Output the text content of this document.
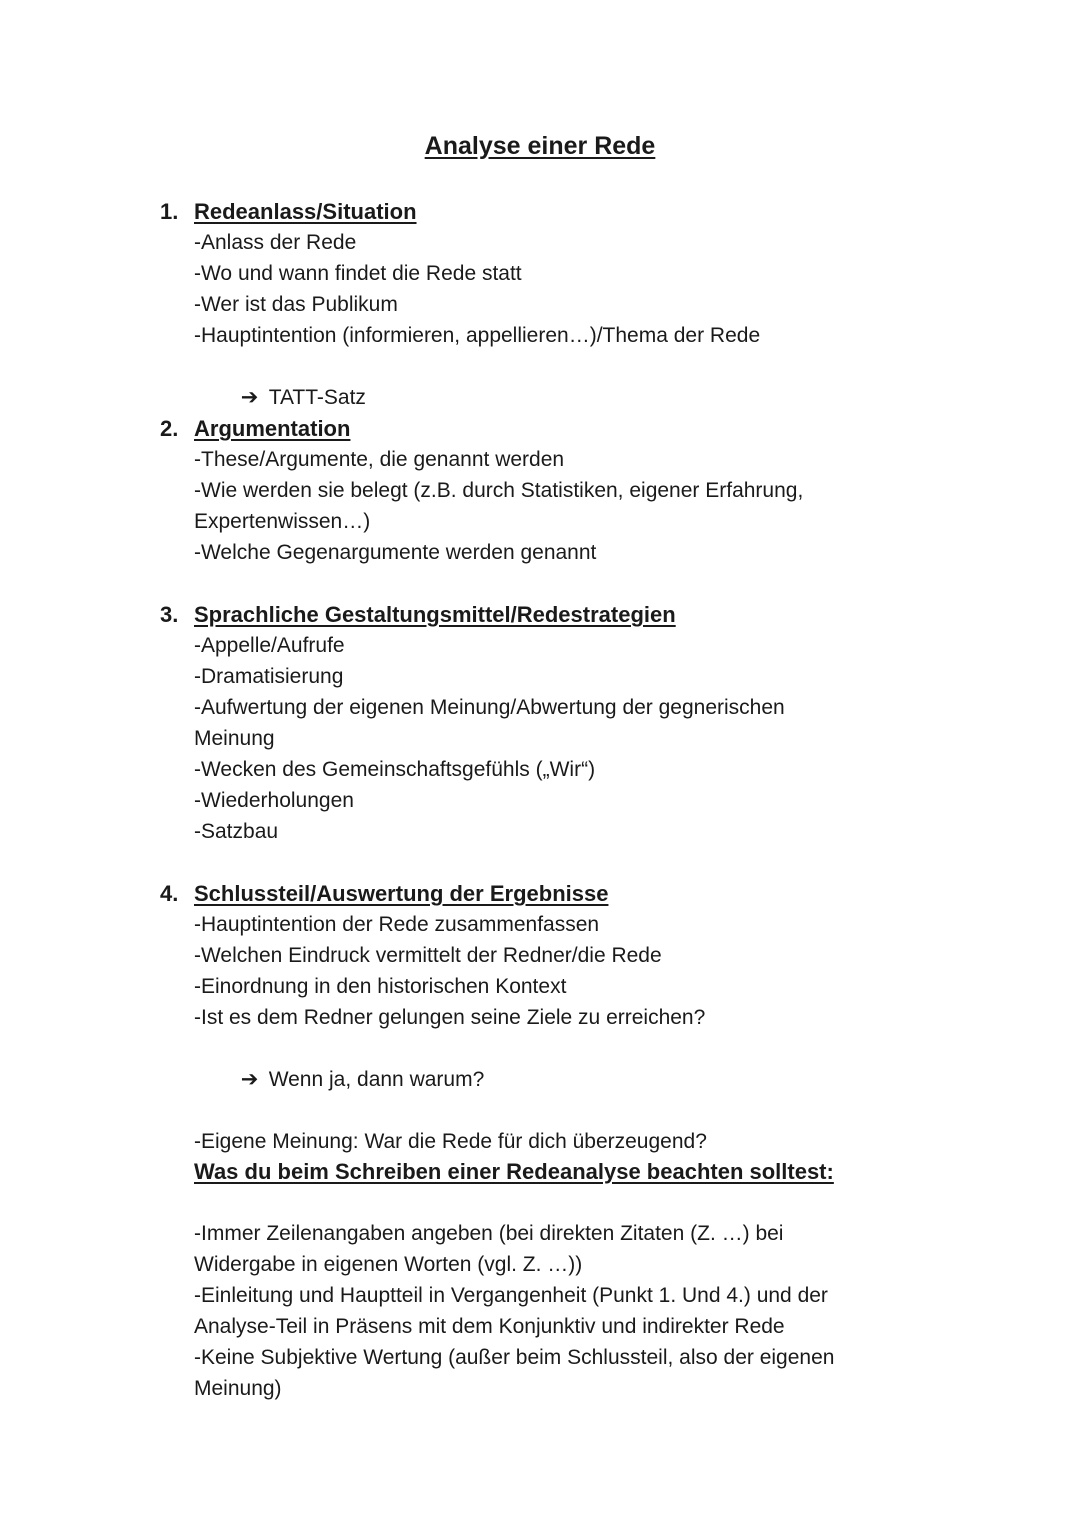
Analyse einer Rede
1. Redeanlass/Situation
-Anlass der Rede
-Wo und wann findet die Rede statt
-Wer ist das Publikum
-Hauptintention (informieren, appellieren…)/Thema der Rede

➔ TATT-Satz

2. Argumentation
-These/Argumente, die genannt werden
-Wie werden sie belegt (z.B. durch Statistiken, eigener Erfahrung,
Expertenwissen…)
-Welche Gegenargumente werden genannt
3. Sprachliche Gestaltungsmittel/Redestrategien
-Appelle/Aufrufe
-Dramatisierung
-Aufwertung der eigenen Meinung/Abwertung der gegnerischen
Meinung
-Wecken des Gemeinschaftsgefühls („Wir“)
-Wiederholungen
-Satzbau
4. Schlussteil/Auswertung der Ergebnisse
-Hauptintention der Rede zusammenfassen
-Welchen Eindruck vermittelt der Redner/die Rede
-Einordnung in den historischen Kontext
-Ist es dem Redner gelungen seine Ziele zu erreichen?

➔ Wenn ja, dann warum?

-Eigene Meinung: War die Rede für dich überzeugend?
Was du beim Schreiben einer Redeanalyse beachten solltest:
-Immer Zeilenangaben angeben (bei direkten Zitaten (Z. …) bei
Widergabe in eigenen Worten (vgl. Z. …))
-Einleitung und Hauptteil in Vergangenheit (Punkt 1. Und 4.) und der
Analyse-Teil in Präsens mit dem Konjunktiv und indirekter Rede
-Keine Subjektive Wertung (außer beim Schlussteil, also der eigenen
Meinung)
